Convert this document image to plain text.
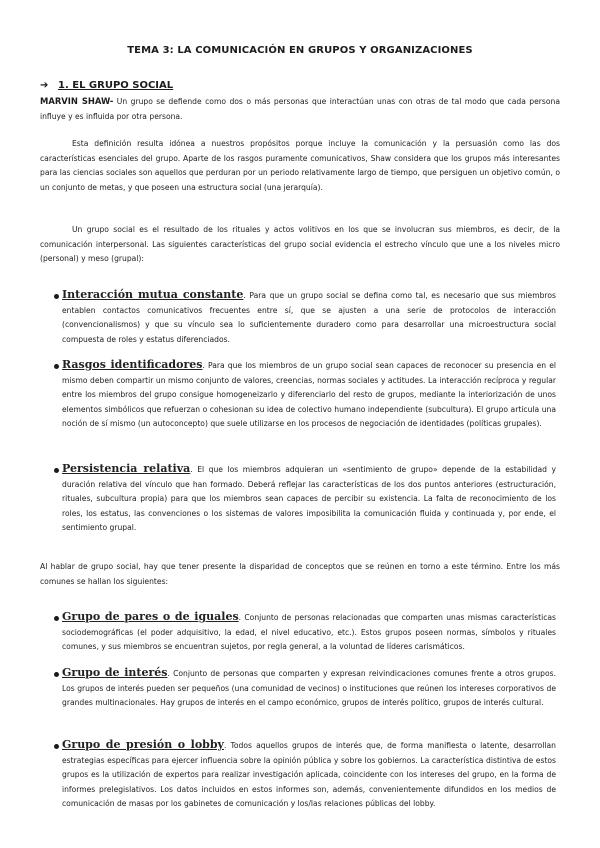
TEMA 3: LA COMUNICACIÓN EN GRUPOS Y ORGANIZACIONES
➔ 1. EL GRUPO SOCIAL
MARVIN SHAW- Un grupo se defiende como dos o más personas que interactúan unas con otras de tal modo que cada persona influye y es influida por otra persona.
Esta definición resulta idónea a nuestros propósitos porque incluye la comunicación y la persuasión como las dos características esenciales del grupo. Aparte de los rasgos puramente comunicativos, Shaw considera que los grupos más interesantes para las ciencias sociales son aquellos que perduran por un periodo relativamente largo de tiempo, que persiguen un objetivo común, o un conjunto de metas, y que poseen una estructura social (una jerarquía).
Un grupo social es el resultado de los rituales y actos volitivos en los que se involucran sus miembros, es decir, de la comunicación interpersonal. Las siguientes características del grupo social evidencia el estrecho vínculo que une a los niveles micro (personal) y meso (grupal):
Interacción mutua constante. Para que un grupo social se defina como tal, es necesario que sus miembros entablen contactos comunicativos frecuentes entre sí, que se ajusten a una serie de protocolos de interacción (convencionalismos) y que su vínculo sea lo suficientemente duradero como para desarrollar una microestructura social compuesta de roles y estatus diferenciados.
Rasgos identificadores. Para que los miembros de un grupo social sean capaces de reconocer su presencia en el mismo deben compartir un mismo conjunto de valores, creencias, normas sociales y actitudes. La interacción recíproca y regular entre los miembros del grupo consigue homogeneizarlo y diferenciarlo del resto de grupos, mediante la interiorización de unos elementos simbólicos que refuerzan o cohesionan su idea de colectivo humano independiente (subcultura). El grupo articula una noción de sí mismo (un autoconcepto) que suele utilizarse en los procesos de negociación de identidades (políticas grupales).
Persistencia relativa. El que los miembros adquieran un «sentimiento de grupo» depende de la estabilidad y duración relativa del vínculo que han formado. Deberá reflejar las características de los dos puntos anteriores (estructuración, rituales, subcultura propia) para que los miembros sean capaces de percibir su existencia. La falta de reconocimiento de los roles, los estatus, las convenciones o los sistemas de valores imposibilita la comunicación fluida y continuada y, por ende, el sentimiento grupal.
Al hablar de grupo social, hay que tener presente la disparidad de conceptos que se reúnen en torno a este término. Entre los más comunes se hallan los siguientes:
Grupo de pares o de iguales. Conjunto de personas relacionadas que comparten unas mismas características sociodemográficas (el poder adquisitivo, la edad, el nivel educativo, etc.). Estos grupos poseen normas, símbolos y rituales comunes, y sus miembros se encuentran sujetos, por regla general, a la voluntad de líderes carismáticos.
Grupo de interés. Conjunto de personas que comparten y expresan reivindicaciones comunes frente a otros grupos. Los grupos de interés pueden ser pequeños (una comunidad de vecinos) o instituciones que reúnen los intereses corporativos de grandes multinacionales. Hay grupos de interés en el campo económico, grupos de interés político, grupos de interés cultural.
Grupo de presión o lobby. Todos aquellos grupos de interés que, de forma manifiesta o latente, desarrollan estrategias específicas para ejercer influencia sobre la opinión pública y sobre los gobiernos. La característica distintiva de estos grupos es la utilización de expertos para realizar investigación aplicada, coincidente con los intereses del grupo, en la forma de informes prelegislativos. Los datos incluidos en estos informes son, además, convenientemente difundidos en los medios de comunicación de masas por los gabinetes de comunicación y los/las relaciones públicas del lobby.
